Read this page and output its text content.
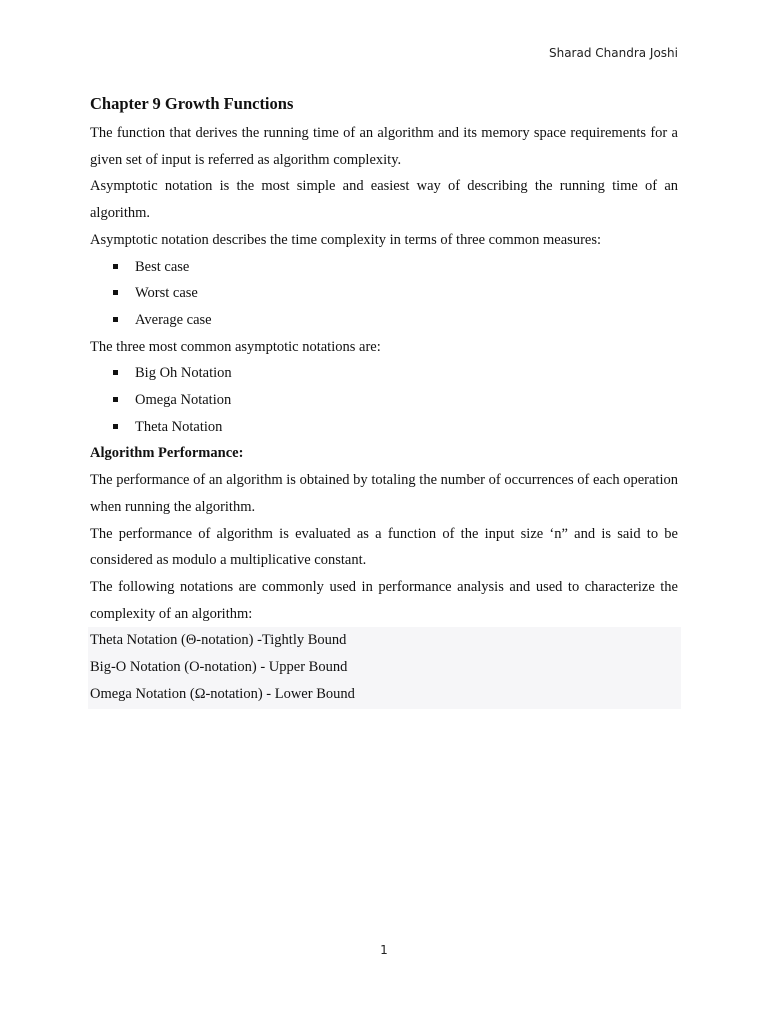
Sharad Chandra Joshi
Chapter 9 Growth Functions

The function that derives the running time of an algorithm and its memory space requirements for a given set of input is referred as algorithm complexity.

Asymptotic notation is the most simple and easiest way of describing the running time of an algorithm.

Asymptotic notation describes the time complexity in terms of three common measures:

Best case
Worst case
Average case

The three most common asymptotic notations are:

Big Oh Notation
Omega Notation
Theta Notation
Algorithm Performance:

The performance of an algorithm is obtained by totaling the number of occurrences of each operation when running the algorithm.

The performance of algorithm is evaluated as a function of the input size ‘n” and is said to be considered as modulo a multiplicative constant.

The following notations are commonly used in performance analysis and used to characterize the complexity of an algorithm:

Theta Notation (Θ-notation) -Tightly Bound

Big-O Notation (O-notation) - Upper Bound

Omega Notation (Ω-notation) - Lower Bound

1
